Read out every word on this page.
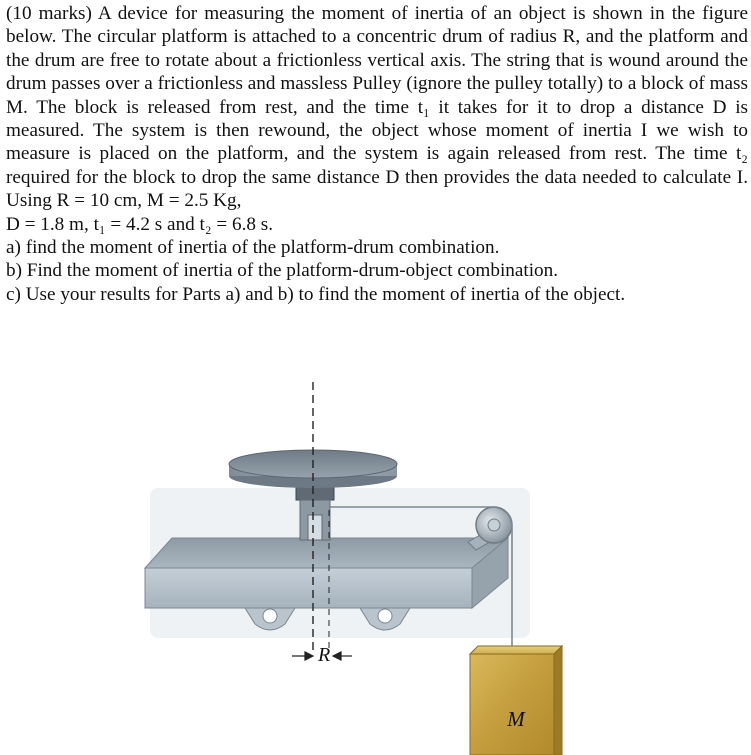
(10 marks) A device for measuring the moment of inertia of an object is shown in the figure below. The circular platform is attached to a concentric drum of radius R, and the platform and the drum are free to rotate about a frictionless vertical axis. The string that is wound around the drum passes over a frictionless and massless Pulley (ignore the pulley totally) to a block of mass M. The block is released from rest, and the time t₁ it takes for it to drop a distance D is measured. The system is then rewound, the object whose moment of inertia I we wish to measure is placed on the platform, and the system is again released from rest. The time t₂ required for the block to drop the same distance D then provides the data needed to calculate I. Using R = 10 cm, M = 2.5 Kg,

D = 1.8 m, t₁ = 4.2 s and t₂ = 6.8 s.

a) find the moment of inertia of the platform-drum combination.

b) Find the moment of inertia of the platform-drum-object combination.

c) Use your results for Parts a) and b) to find the moment of inertia of the object.

R
M
